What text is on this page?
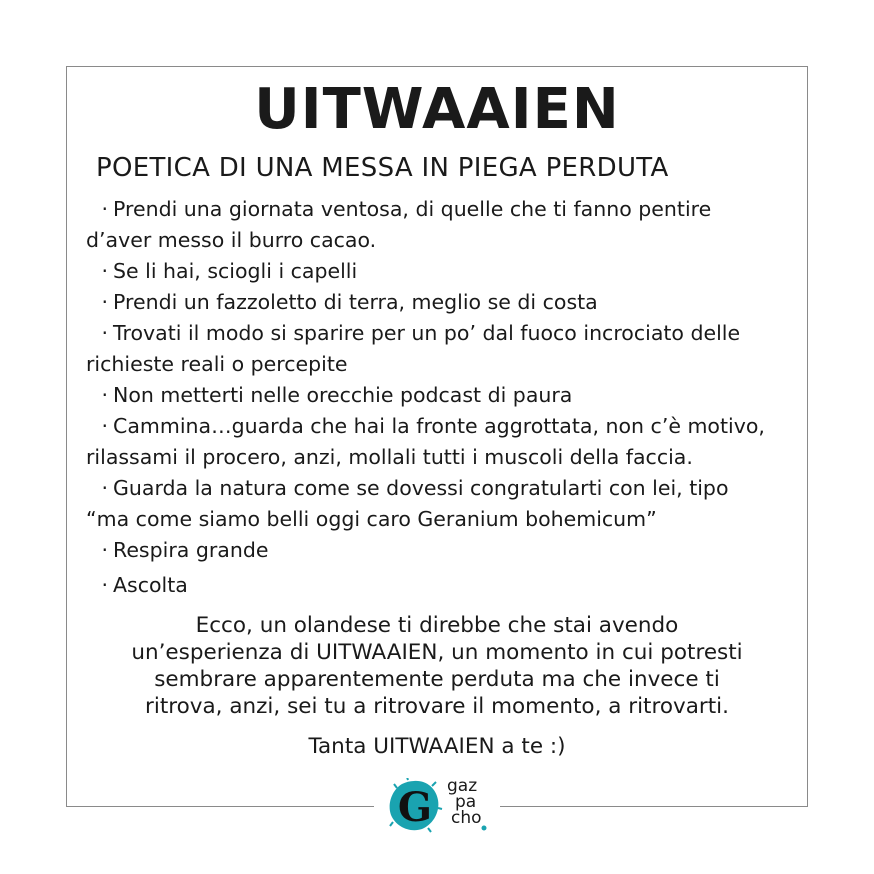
UITWAAIEN
POETICA DI UNA MESSA IN PIEGA PERDUTA
· Prendi una giornata ventosa, di quelle che ti fanno pentire
d’aver messo il burro cacao.
· Se li hai, sciogli i capelli
· Prendi un fazzoletto di terra, meglio se di costa
· Trovati il modo si sparire per un po’ dal fuoco incrociato delle
richieste reali o percepite
· Non metterti nelle orecchie podcast di paura
· Cammina…guarda che hai la fronte aggrottata, non c’è motivo,
rilassami il procero, anzi, mollali tutti i muscoli della faccia.
· Guarda la natura come se dovessi congratularti con lei, tipo
“ma come siamo belli oggi caro Geranium bohemicum”
· Respira grande
· Ascolta
Ecco, un olandese ti direbbe che stai avendo
un’esperienza di UITWAAIEN, un momento in cui potresti
sembrare apparentemente perduta ma che invece ti
ritrova, anzi, sei tu a ritrovare il momento, a ritrovarti.
Tanta UITWAAIEN a te :)
G gaz
pa
cho
